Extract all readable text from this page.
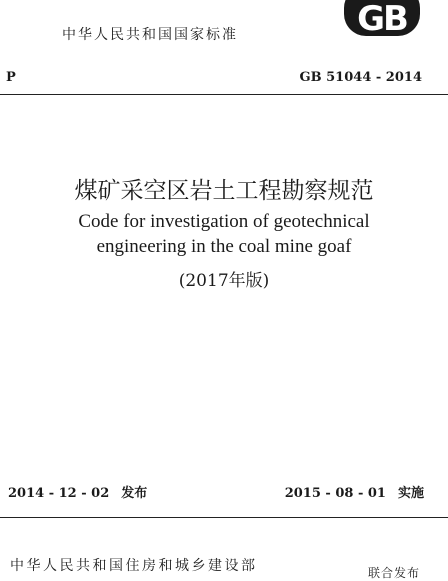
中华人民共和国国家标准	GB
P	GB 51044 - 2014
煤矿采空区岩土工程勘察规范
Code for investigation of geotechnical
engineering in the coal mine goaf
(2017年版)
2014 - 12 - 02 发布	2015 - 08 - 01 实施
中华人民共和国住房和城乡建设部	联合发布
